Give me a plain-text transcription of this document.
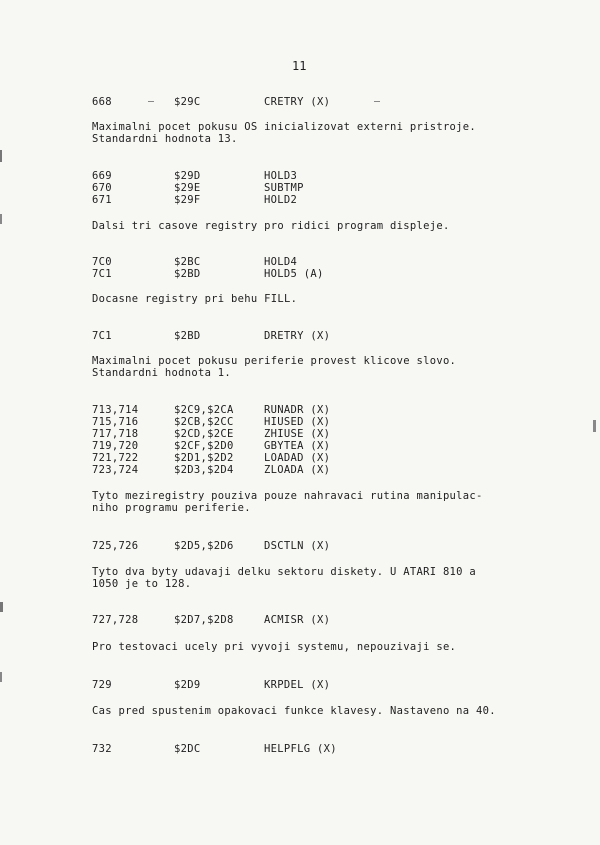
11
668	$29C	CRETRY (X)
Maximalni pocet pokusu OS inicializovat externi pristroje.
Standardni hodnota 13.
669	$29D	HOLD3
670	$29E	SUBTMP
671	$29F	HOLD2
Dalsi tri casove registry pro ridici program displeje.
7C0	$2BC	HOLD4
7C1	$2BD	HOLD5 (A)
Docasne registry pri behu FILL.
7C1	$2BD	DRETRY (X)
Maximalni pocet pokusu periferie provest klicove slovo.
Standardni hodnota 1.
713,714	$2C9,$2CA	RUNADR (X)
715,716	$2CB,$2CC	HIUSED (X)
717,718	$2CD,$2CE	ZHIUSE (X)
719,720	$2CF,$2D0	GBYTEA (X)
721,722	$2D1,$2D2	LOADAD (X)
723,724	$2D3,$2D4	ZLOADA (X)
Tyto meziregistry pouziva pouze nahravaci rutina manipulac-
niho programu periferie.
725,726	$2D5,$2D6	DSCTLN (X)
Tyto dva byty udavaji delku sektoru diskety. U ATARI 810 a
1050 je to 128.
727,728	$2D7,$2D8	ACMISR (X)
Pro testovaci ucely pri vyvoji systemu, nepouzivaji se.
729	$2D9	KRPDEL (X)
Cas pred spustenim opakovaci funkce klavesy. Nastaveno na 40.
732	$2DC	HELPFLG (X)
